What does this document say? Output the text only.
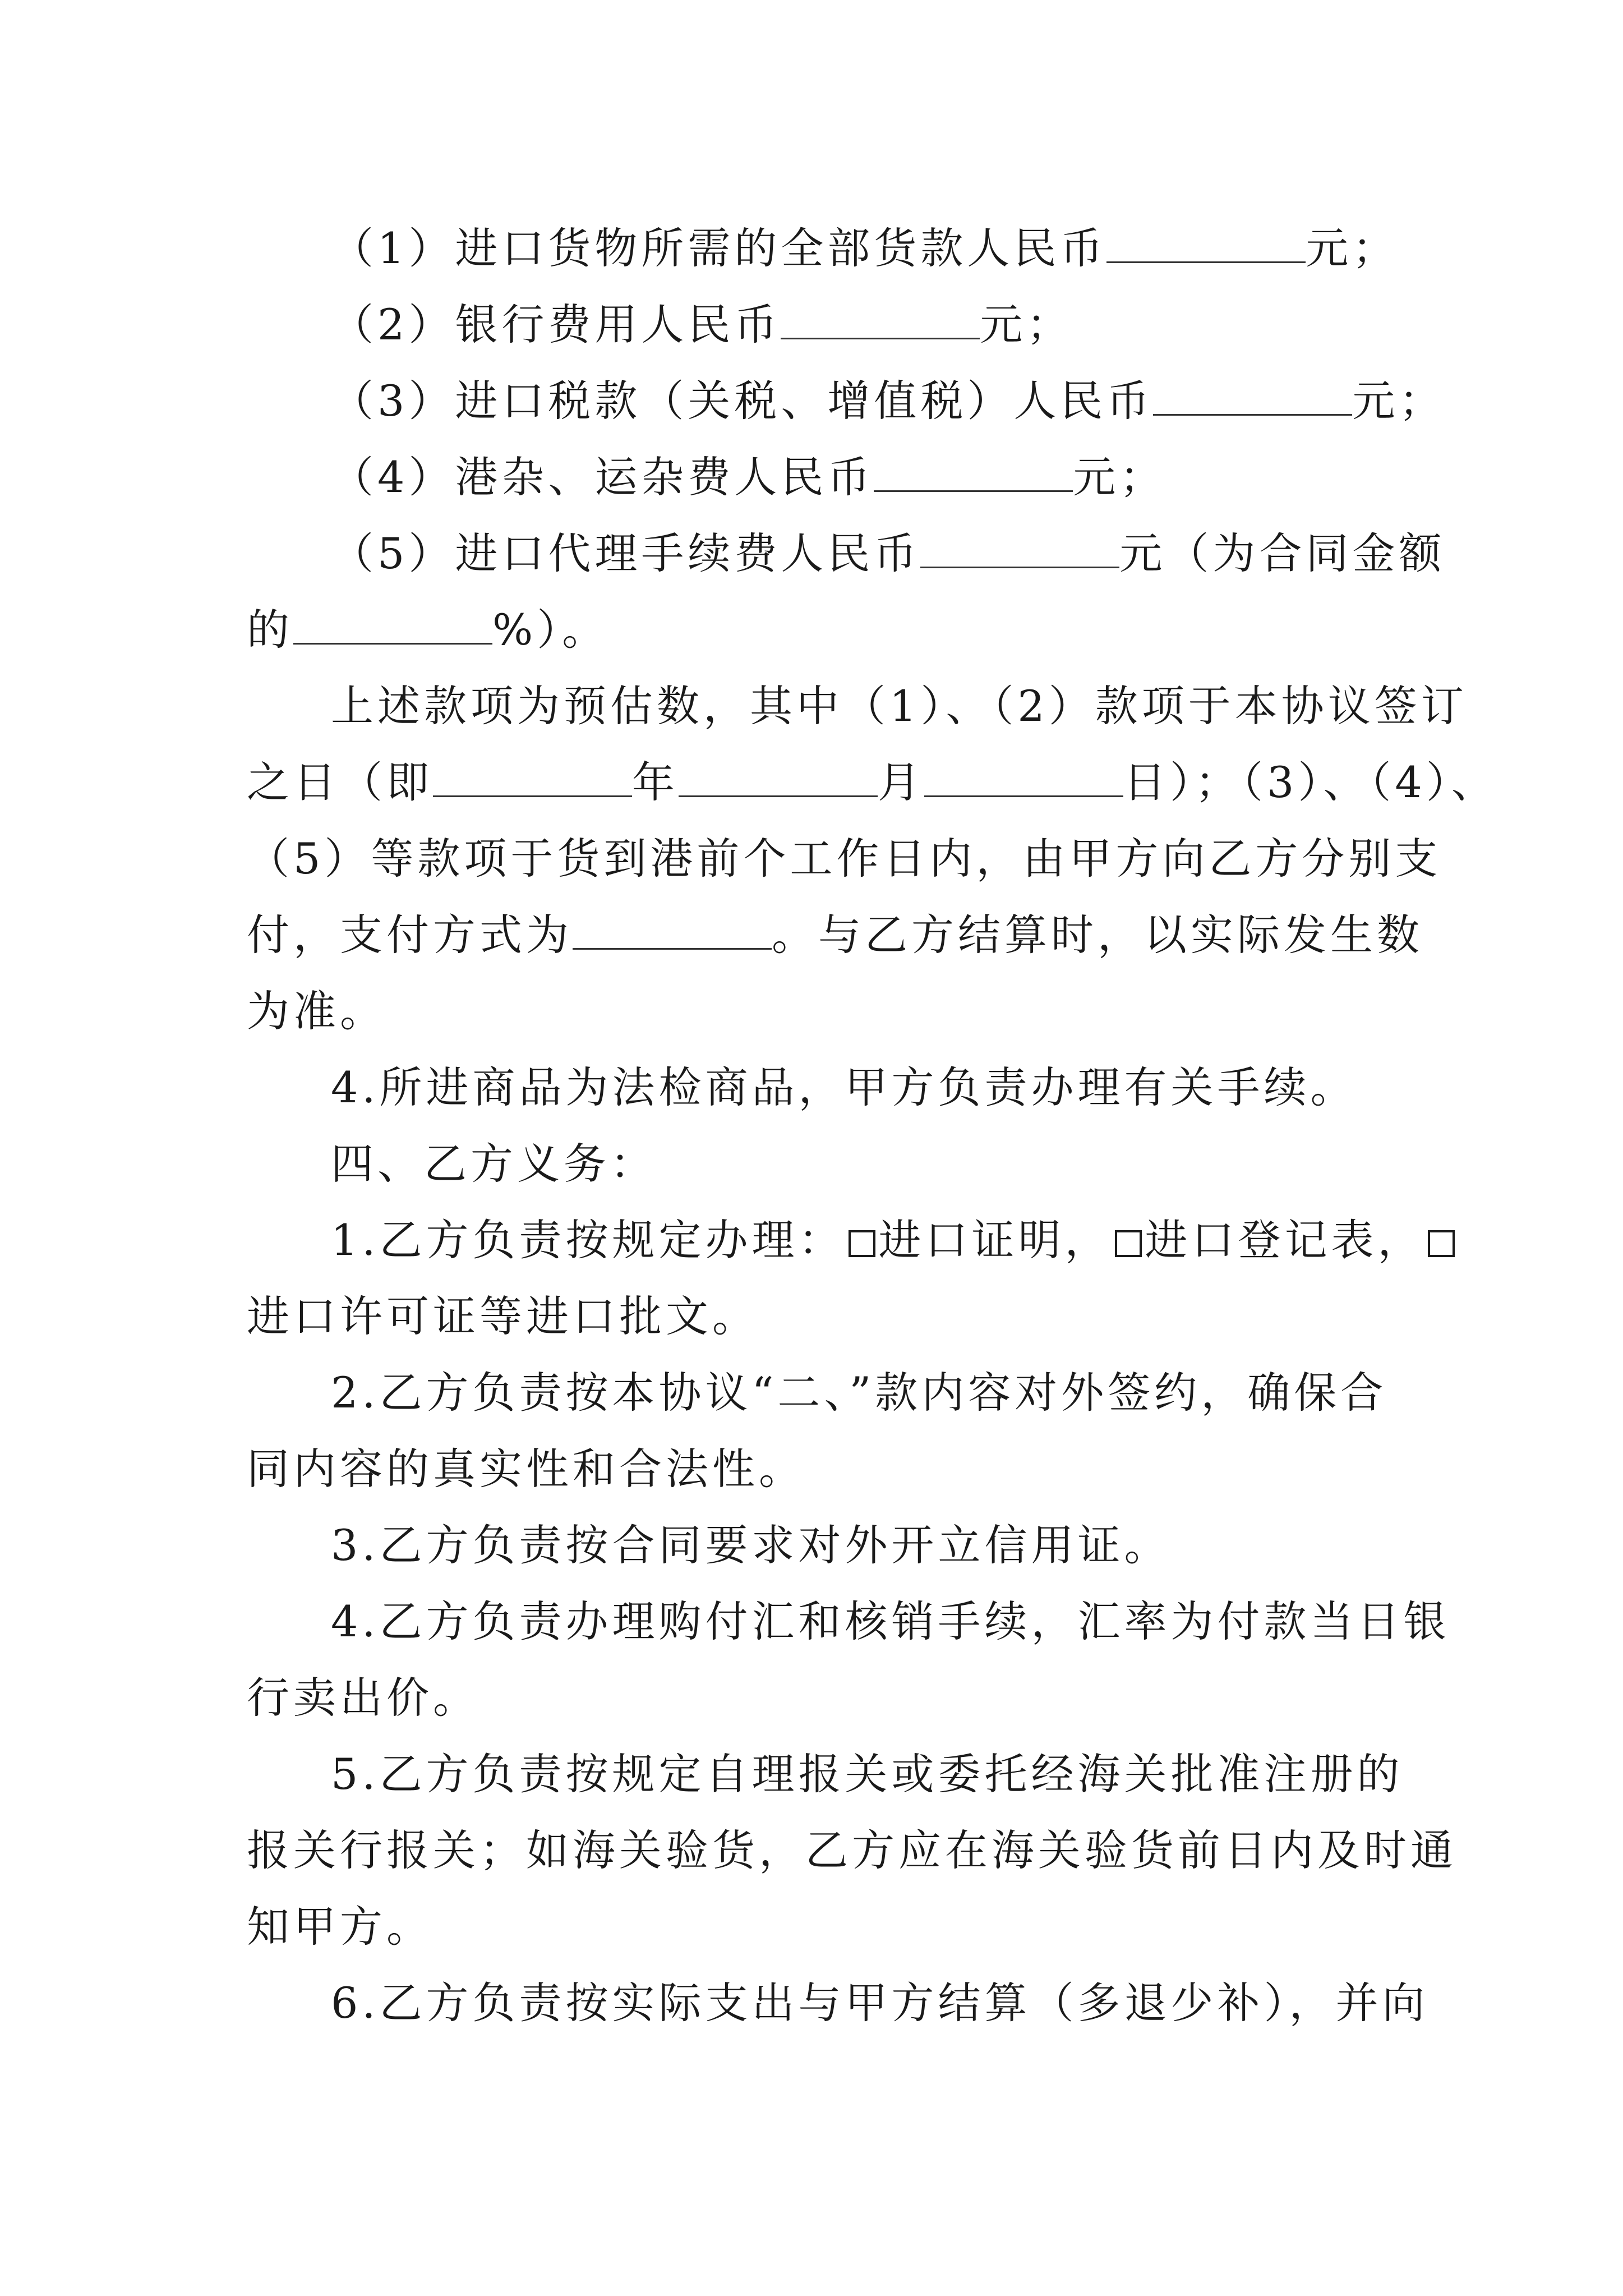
（1）进口货物所需的全部货款人民币	元；

（2）银行费用人民币	元；

（3）进口税款（关税、增值税）人民币	元；

（4）港杂、运杂费人民币	元；

（5）进口代理手续费人民币	元（为合同金额

的	%）。

上述款项为预估数，其中（1）、（2）款项于本协议签订

之日（即	年	月	日）；（3）、（4）、

（5）等款项于货到港前个工作日内，由甲方向乙方分别支

付，支付方式为	。与乙方结算时，以实际发生数

为准。

4.所进商品为法检商品，甲方负责办理有关手续。

四、乙方义务：

1.乙方负责按规定办理： 进口证明， 进口登记表，

进口许可证等进口批文。

2.乙方负责按本协议“二、”款内容对外签约，确保合

同内容的真实性和合法性。

3.乙方负责按合同要求对外开立信用证。

4.乙方负责办理购付汇和核销手续，汇率为付款当日银

行卖出价。

5.乙方负责按规定自理报关或委托经海关批准注册的

报关行报关；如海关验货，乙方应在海关验货前日内及时通

知甲方。

6.乙方负责按实际支出与甲方结算（多退少补），并向
